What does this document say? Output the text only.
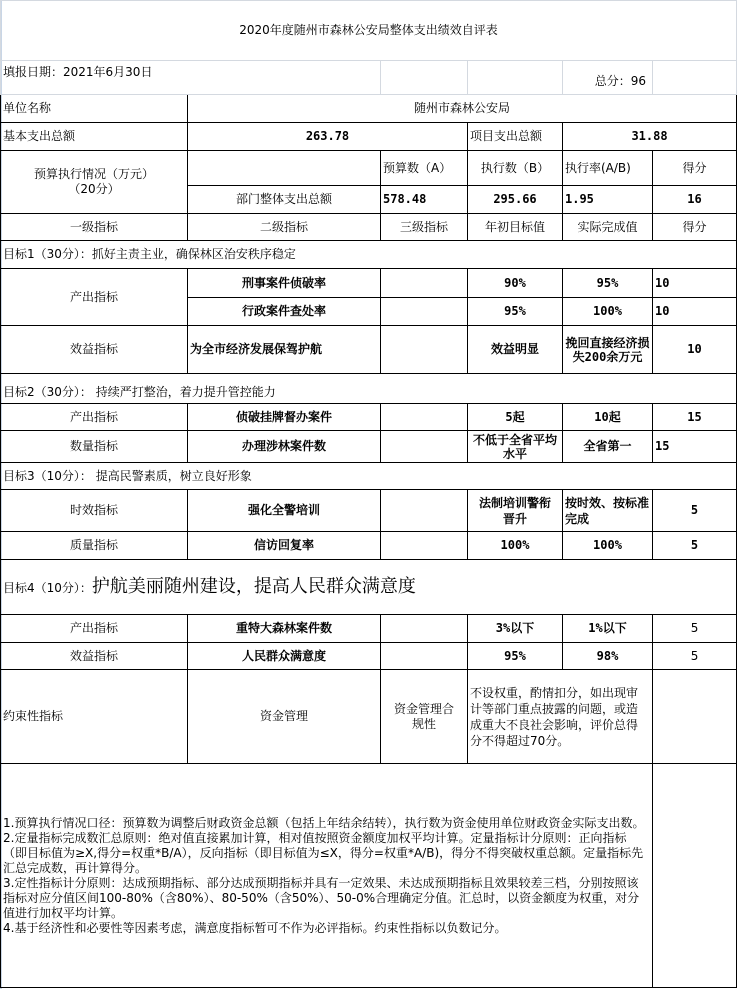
2020年度随州市森林公安局整体支出绩效自评表					
填报日期：2021年6月30日				总分：96	
单位名称	随州市森林公安局				
基本支出总额	263.78		项目支出总额	31.88	

预算执行情况（万元）
（20分）		预算数（A）	执行数（B）	执行率(A/B)	得分
	部门整体支出总额	578.48	295.66	1.95	16
一级指标	二级指标	三级指标	年初目标值	实际完成值	得分
目标1（30分）：抓好主责主业，确保林区治安秩序稳定					
产出指标	刑事案件侦破率		90%	95%	10
	行政案件查处率		95%	100%	10
效益指标	为全市经济发展保驾护航		效益明显	挽回直接经济损失200余万元	10
目标2（30分）： 持续严打整治，着力提升管控能力					
产出指标	侦破挂牌督办案件		5起	10起	15
数量指标	办理涉林案件数		不低于全省平均水平	全省第一	15
目标3（10分）： 提高民警素质，树立良好形象					
时效指标	强化全警培训		法制培训警衔晋升	按时效、按标准完成	5
质量指标	信访回复率		100%	100%	5
目标4（10分）：护航美丽随州建设，提高人民群众满意度					
产出指标	重特大森林案件数		3%以下	1%以下	5
效益指标	人民群众满意度		95%	98%	5
约束性指标	资金管理	资金管理合规性	不设权重，酌情扣分，如出现审计等部门重点披露的问题，或造成重大不良社会影响，评价总得分不得超过70分。		

1.预算执行情况口径：预算数为调整后财政资金总额（包括上年结余结转），执行数为资金使用单位财政资金实际支出数。
2.定量指标完成数汇总原则：绝对值直接累加计算，相对值按照资金额度加权平均计算。定量指标计分原则：正向指标（即目标值为≥X,得分=权重*B/A），反向指标（即目标值为≤X，得分=权重*A/B)，得分不得突破权重总额。定量指标先汇总完成数，再计算得分。
3.定性指标计分原则：达成预期指标、部分达成预期指标并具有一定效果、未达成预期指标且效果较差三档，分别按照该指标对应分值区间100-80%（含80%）、80-50%（含50%）、50-0%合理确定分值。汇总时，以资金额度为权重，对分值进行加权平均计算。
4.基于经济性和必要性等因素考虑，满意度指标暂可不作为必评指标。约束性指标以负数记分。					
